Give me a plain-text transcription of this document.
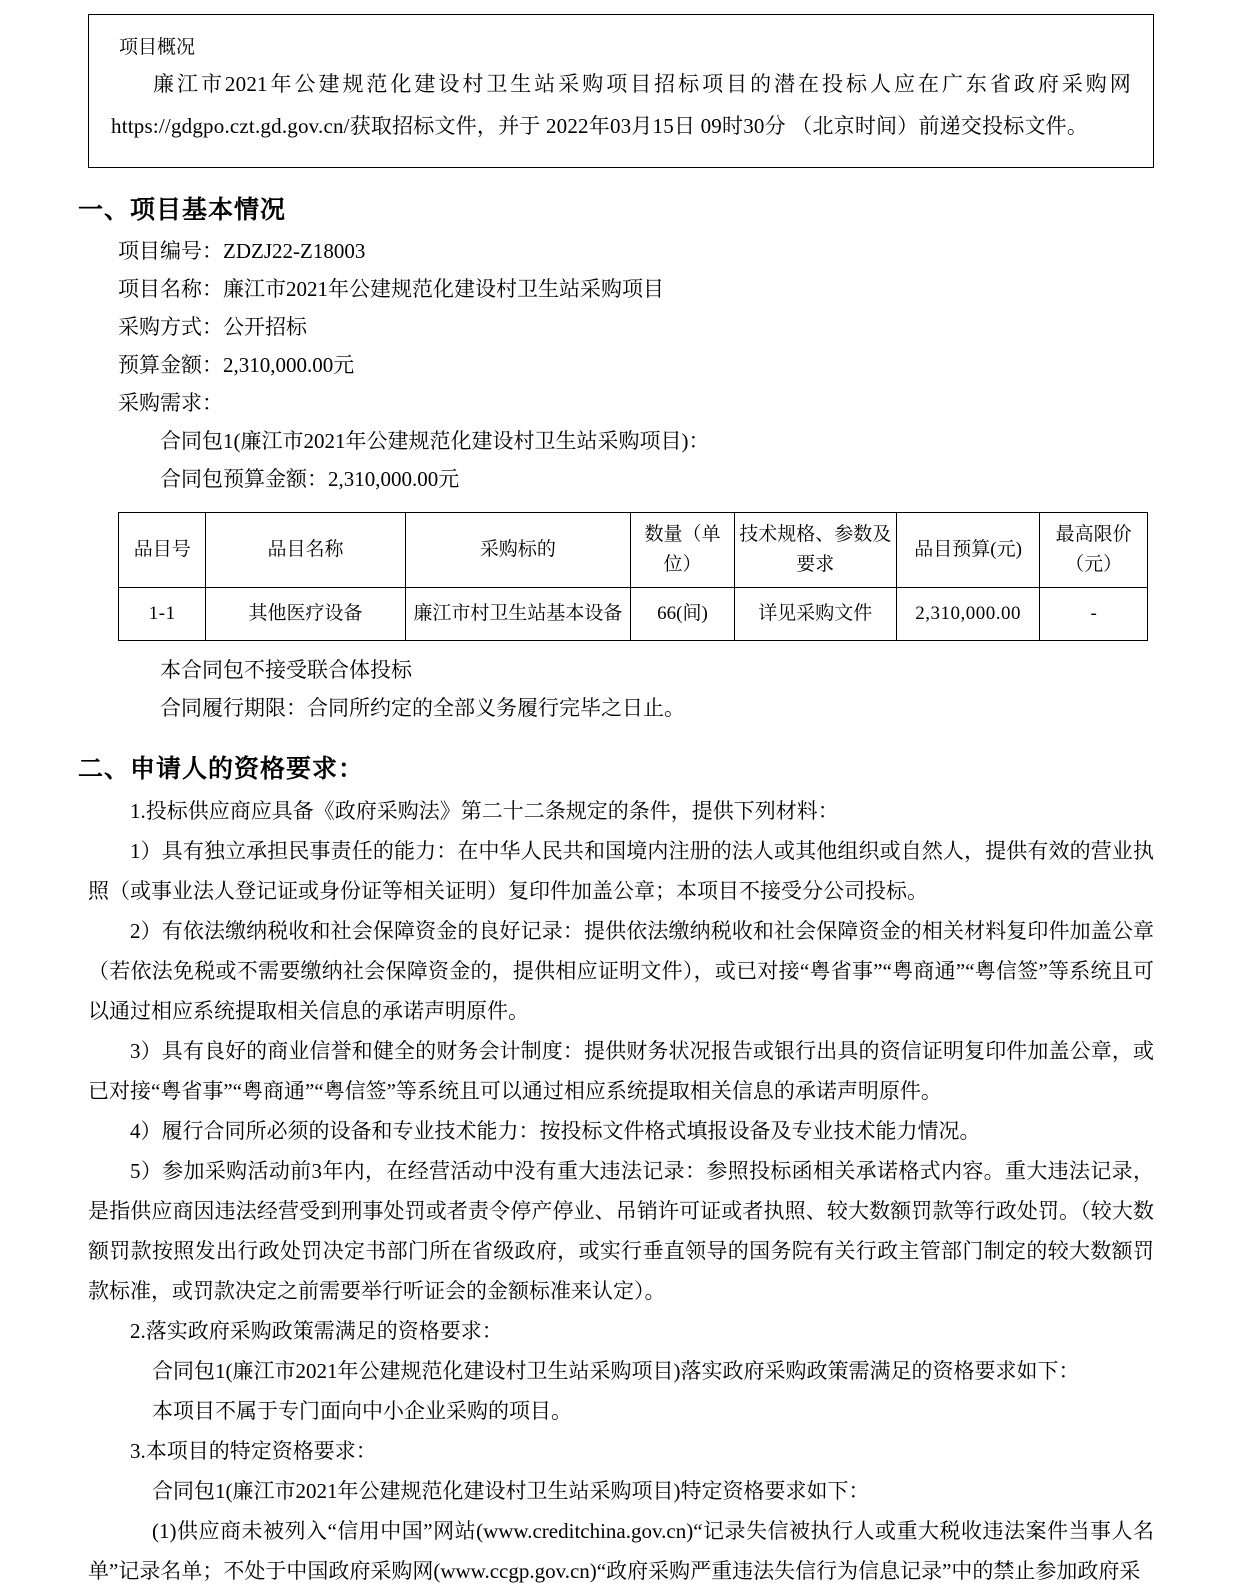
项目概况
廉江市2021年公建规范化建设村卫生站采购项目招标项目的潜在投标人应在广东省政府采购网https://gdgpo.czt.gd.gov.cn/获取招标文件，并于 2022年03月15日 09时30分 （北京时间）前递交投标文件。
一、项目基本情况
项目编号：ZDZJ22-Z18003
项目名称：廉江市2021年公建规范化建设村卫生站采购项目
采购方式：公开招标
预算金额：2,310,000.00元
采购需求：
合同包1(廉江市2021年公建规范化建设村卫生站采购项目)：
合同包预算金额：2,310,000.00元
品目号	品目名称	采购标的	数量（单位）	技术规格、参数及要求	品目预算(元)	最高限价（元）
1-1	其他医疗设备	廉江市村卫生站基本设备	66(间)	详见采购文件	2,310,000.00	-
本合同包不接受联合体投标
合同履行期限：合同所约定的全部义务履行完毕之日止。
二、申请人的资格要求：
1.投标供应商应具备《政府采购法》第二十二条规定的条件，提供下列材料：
1）具有独立承担民事责任的能力：在中华人民共和国境内注册的法人或其他组织或自然人，提供有效的营业执照（或事业法人登记证或身份证等相关证明）复印件加盖公章；本项目不接受分公司投标。
2）有依法缴纳税收和社会保障资金的良好记录：提供依法缴纳税收和社会保障资金的相关材料复印件加盖公章（若依法免税或不需要缴纳社会保障资金的，提供相应证明文件），或已对接“粤省事”“粤商通”“粤信签”等系统且可以通过相应系统提取相关信息的承诺声明原件。
3）具有良好的商业信誉和健全的财务会计制度：提供财务状况报告或银行出具的资信证明复印件加盖公章，或已对接“粤省事”“粤商通”“粤信签”等系统且可以通过相应系统提取相关信息的承诺声明原件。
4）履行合同所必须的设备和专业技术能力：按投标文件格式填报设备及专业技术能力情况。
5）参加采购活动前3年内，在经营活动中没有重大违法记录：参照投标函相关承诺格式内容。重大违法记录，是指供应商因违法经营受到刑事处罚或者责令停产停业、吊销许可证或者执照、较大数额罚款等行政处罚。（较大数额罚款按照发出行政处罚决定书部门所在省级政府，或实行垂直领导的国务院有关行政主管部门制定的较大数额罚款标准，或罚款决定之前需要举行听证会的金额标准来认定）。
2.落实政府采购政策需满足的资格要求：
合同包1(廉江市2021年公建规范化建设村卫生站采购项目)落实政府采购政策需满足的资格要求如下：
本项目不属于专门面向中小企业采购的项目。
3.本项目的特定资格要求：
合同包1(廉江市2021年公建规范化建设村卫生站采购项目)特定资格要求如下：
(1)供应商未被列入“信用中国”网站(www.creditchina.gov.cn)“记录失信被执行人或重大税收违法案件当事人名单”记录名单；不处于中国政府采购网(www.ccgp.gov.cn)“政府采购严重违法失信行为信息记录”中的禁止参加政府采
